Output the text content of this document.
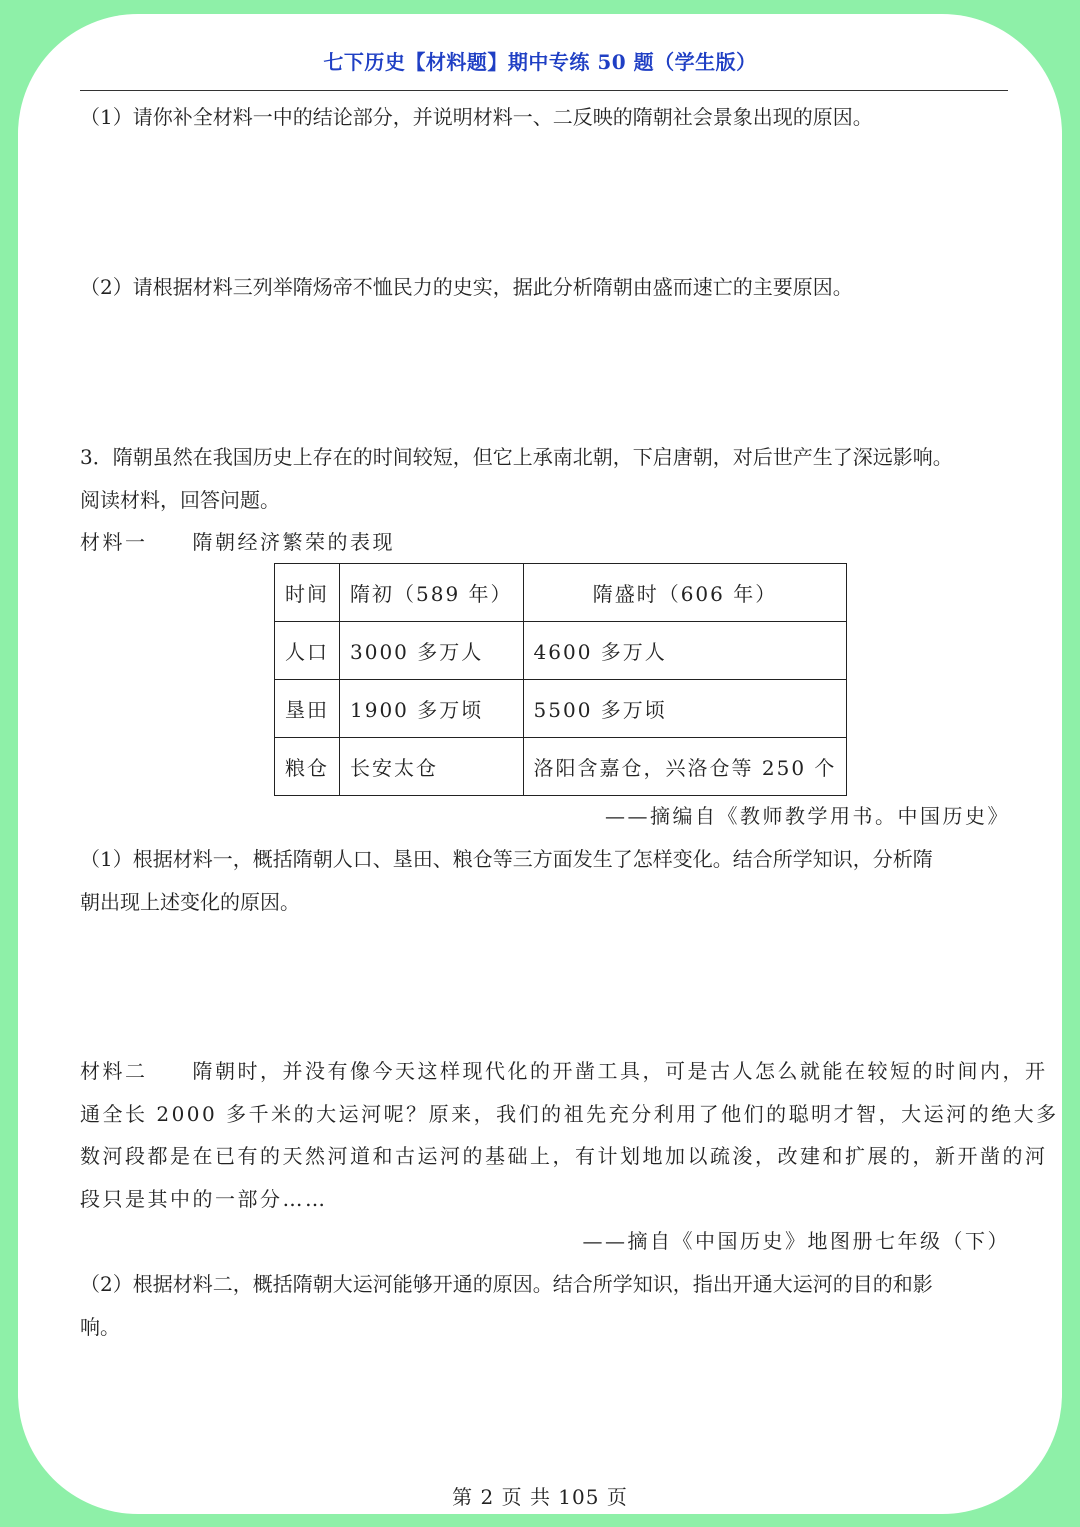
七下历史【材料题】期中专练 50 题（学生版）
（1）请你补全材料一中的结论部分，并说明材料一、二反映的隋朝社会景象出现的原因。
（2）请根据材料三列举隋炀帝不恤民力的史实，据此分析隋朝由盛而速亡的主要原因。
3．隋朝虽然在我国历史上存在的时间较短，但它上承南北朝，下启唐朝，对后世产生了深远影响。
阅读材料，回答问题。
材料一　　隋朝经济繁荣的表现
时间	隋初（589 年）	隋盛时（606 年）
人口	3000 多万人	4600 多万人
垦田	1900 多万顷	5500 多万顷
粮仓	长安太仓	洛阳含嘉仓，兴洛仓等 250 个
——摘编自《教师教学用书。中国历史》
（1）根据材料一，概括隋朝人口、垦田、粮仓等三方面发生了怎样变化。结合所学知识，分析隋
朝出现上述变化的原因。
材料二　　隋朝时，并没有像今天这样现代化的开凿工具，可是古人怎么就能在较短的时间内，开
通全长 2000 多千米的大运河呢？原来，我们的祖先充分利用了他们的聪明才智，大运河的绝大多
数河段都是在已有的天然河道和古运河的基础上，有计划地加以疏浚，改建和扩展的，新开凿的河
段只是其中的一部分……
——摘自《中国历史》地图册七年级（下）
（2）根据材料二，概括隋朝大运河能够开通的原因。结合所学知识，指出开通大运河的目的和影
响。
第 2 页 共 105 页
